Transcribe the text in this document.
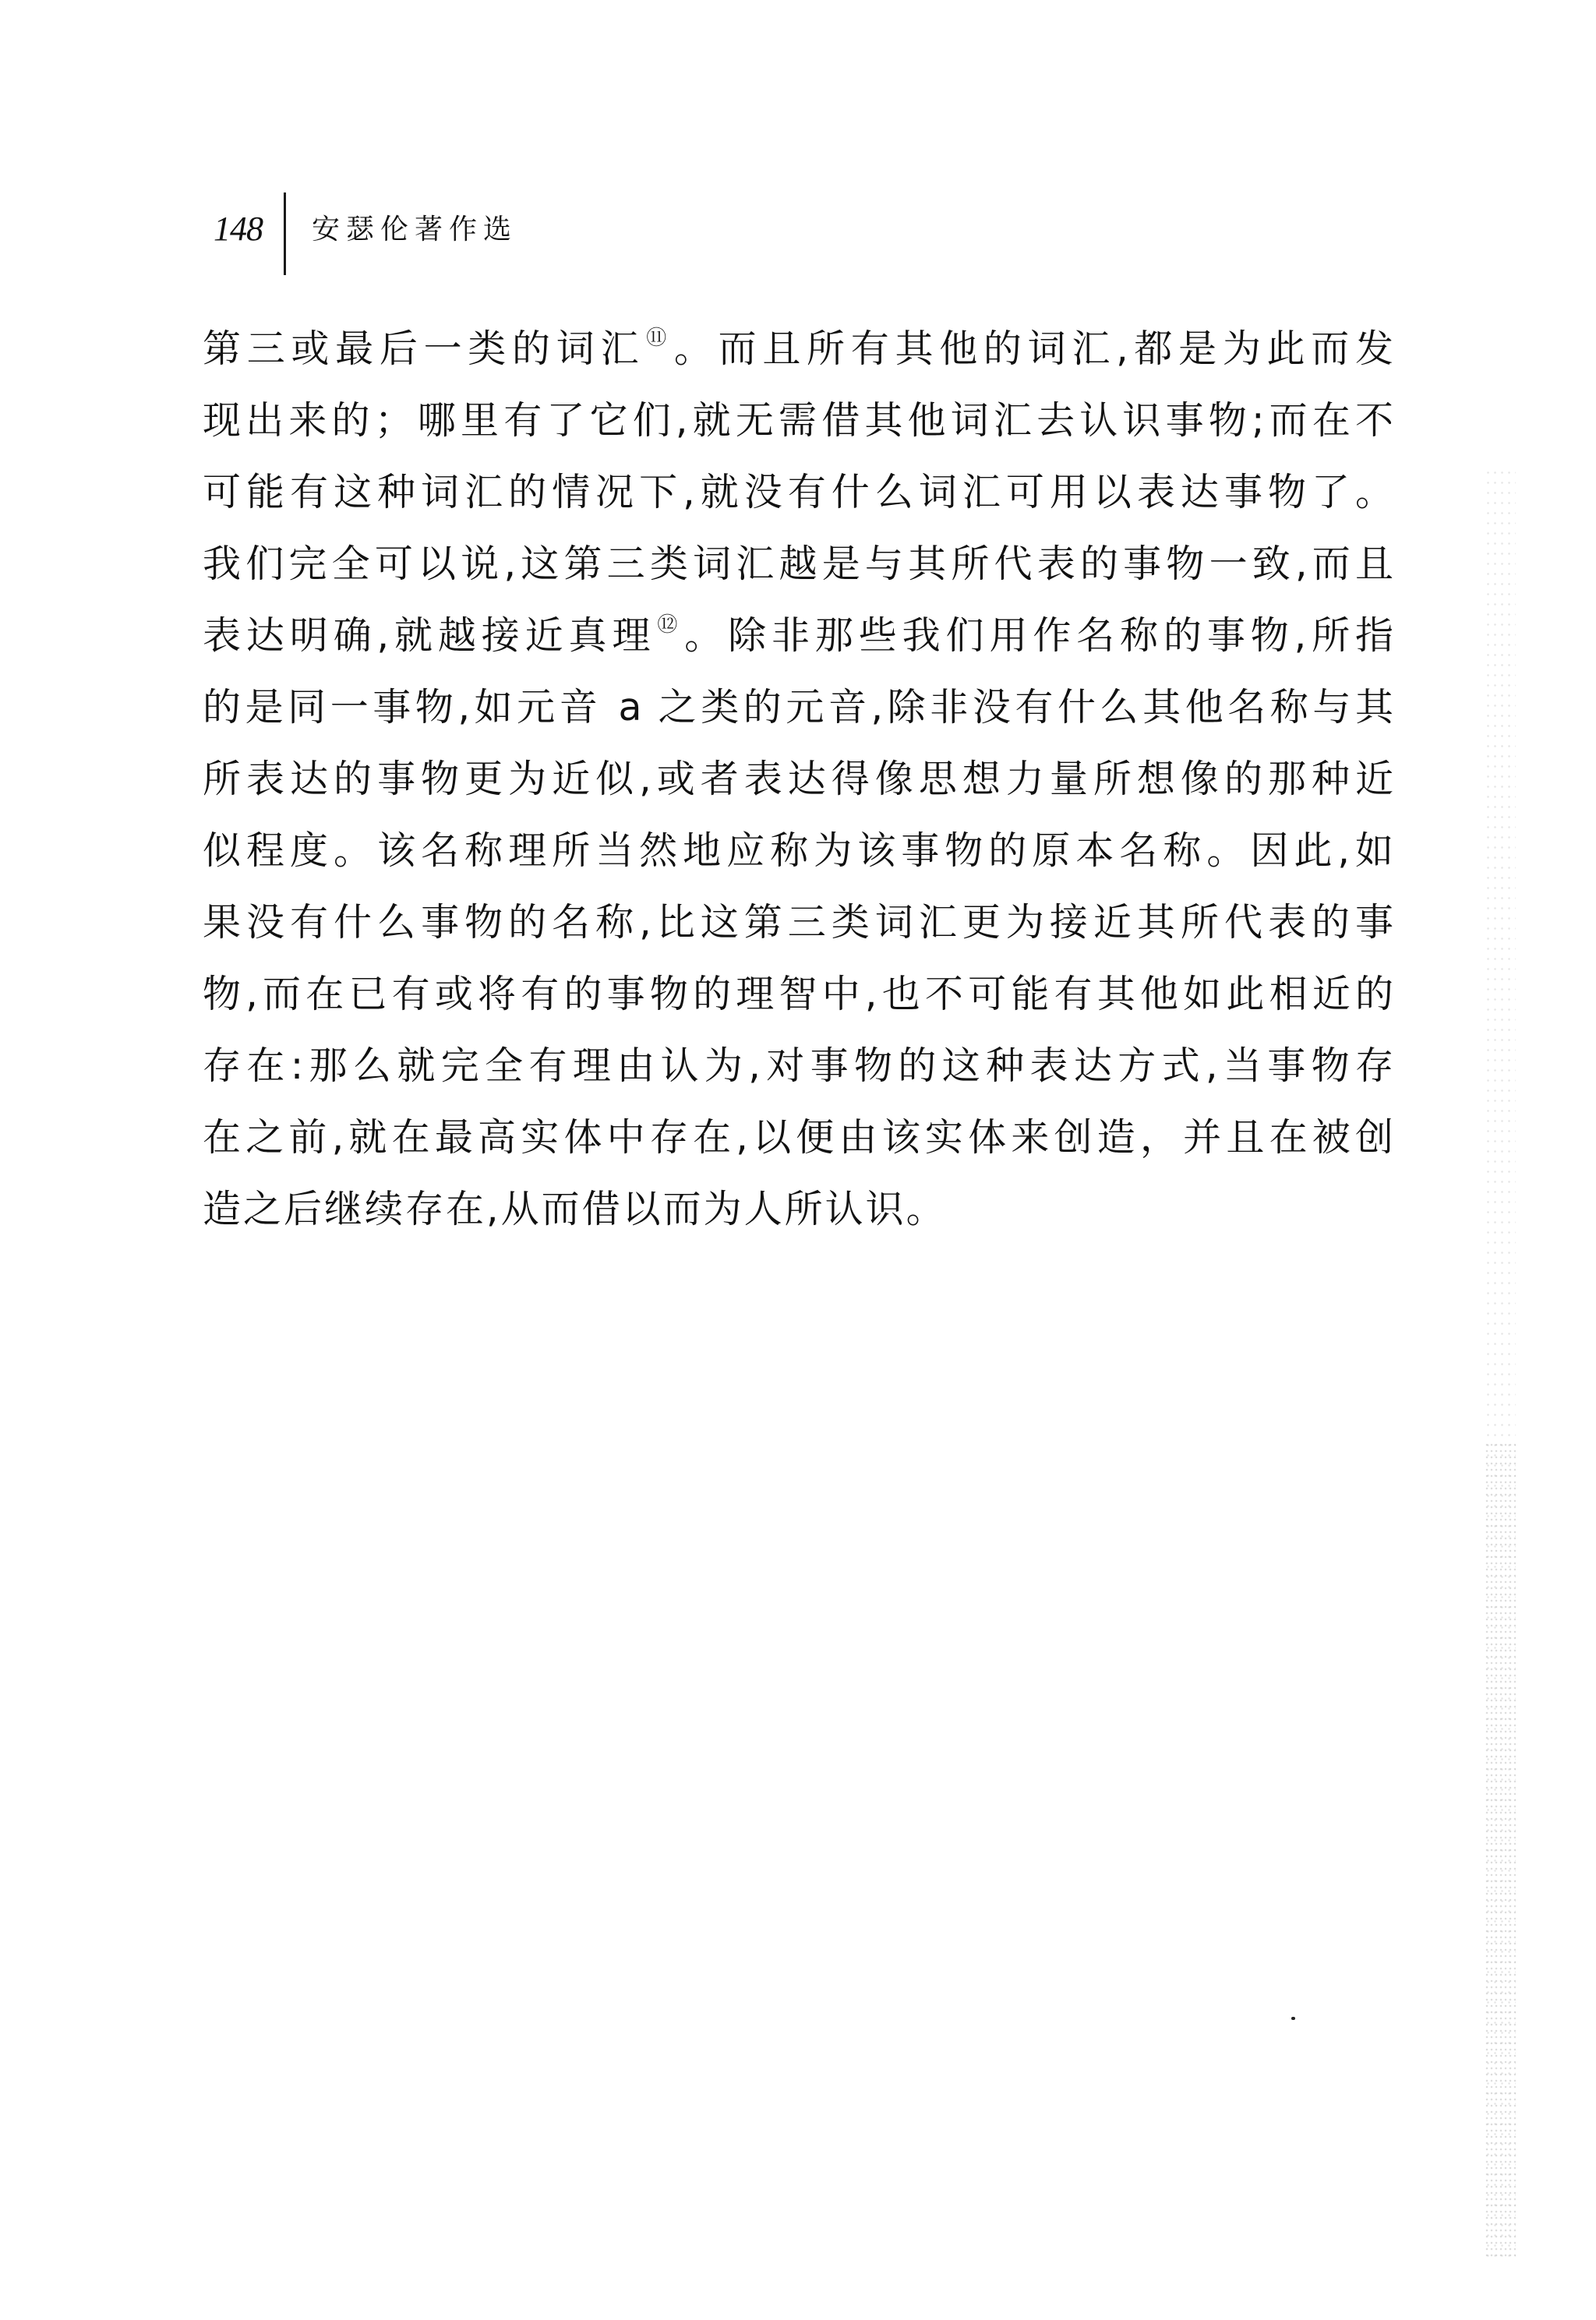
148 安瑟伦著作选
第三或最后一类的词汇⑪。而且所有其他的词汇,都是为此而发
现出来的；哪里有了它们,就无需借其他词汇去认识事物;而在不
可能有这种词汇的情况下,就没有什么词汇可用以表达事物了。
我们完全可以说,这第三类词汇越是与其所代表的事物一致,而且
表达明确,就越接近真理⑫。除非那些我们用作名称的事物,所指
的是同一事物,如元音 a 之类的元音,除非没有什么其他名称与其
所表达的事物更为近似,或者表达得像思想力量所想像的那种近
似程度。该名称理所当然地应称为该事物的原本名称。因此,如
果没有什么事物的名称,比这第三类词汇更为接近其所代表的事
物,而在已有或将有的事物的理智中,也不可能有其他如此相近的
存在:那么就完全有理由认为,对事物的这种表达方式,当事物存
在之前,就在最高实体中存在,以便由该实体来创造，并且在被创
造之后继续存在,从而借以而为人所认识。
